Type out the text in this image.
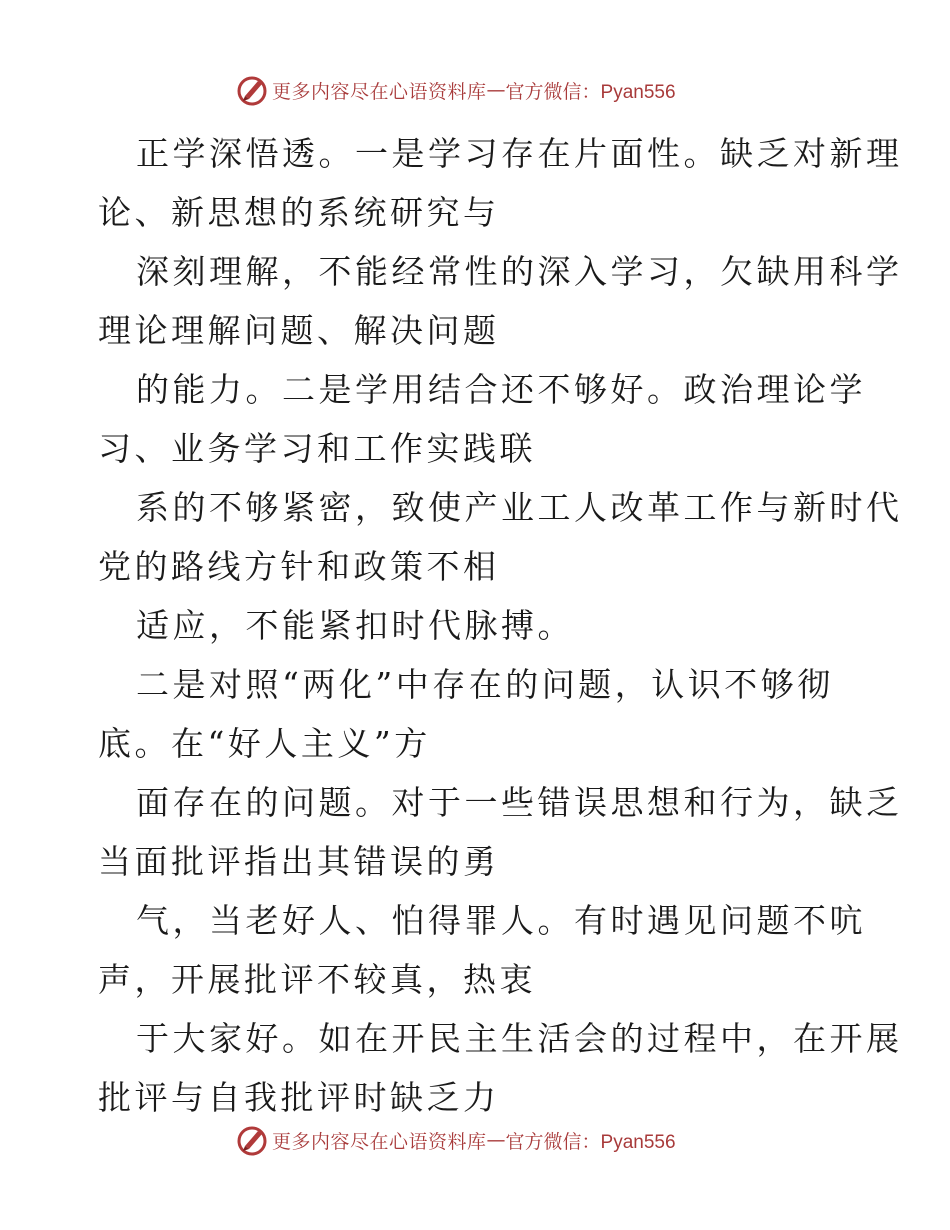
更多内容尽在心语资料库 — 官方微信：Pyan556
正学深悟透。一是学习存在片面性。缺乏对新理
论、新思想的系统研究与
深刻理解，不能经常性的深入学习，欠缺用科学
理论理解问题、解决问题
的能力。二是学用结合还不够好。政治理论学
习、业务学习和工作实践联
系的不够紧密，致使产业工人改革工作与新时代
党的路线方针和政策不相
适应，不能紧扣时代脉搏。
二是对照“两化”中存在的问题，认识不够彻
底。在“好人主义”方
面存在的问题。对于一些错误思想和行为，缺乏
当面批评指出其错误的勇
气，当老好人、怕得罪人。有时遇见问题不吭
声，开展批评不较真，热衷
于大家好。如在开民主生活会的过程中，在开展
批评与自我批评时缺乏力
更多内容尽在心语资料库 — 官方微信：Pyan556
